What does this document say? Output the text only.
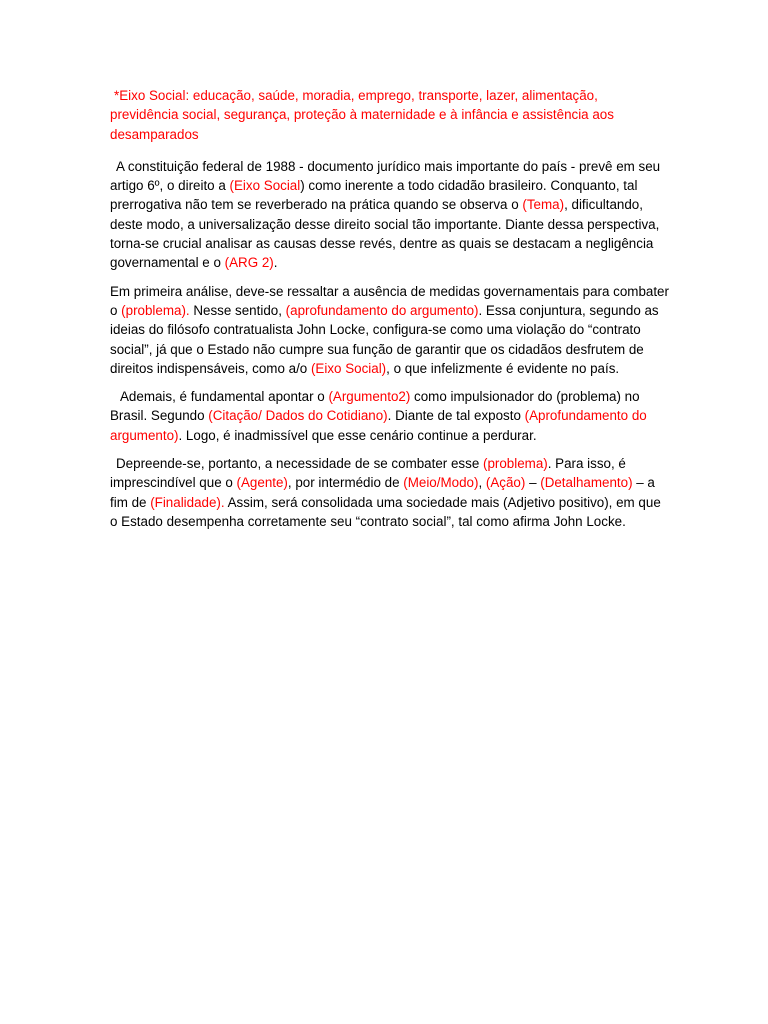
*Eixo Social: educação, saúde, moradia, emprego, transporte, lazer, alimentação, previdência social, segurança, proteção à maternidade e à infância e assistência aos desamparados

A constituição federal de 1988 - documento jurídico mais importante do país - prevê em seu artigo 6º, o direito a (Eixo Social) como inerente a todo cidadão brasileiro. Conquanto, tal prerrogativa não tem se reverberado na prática quando se observa o (Tema), dificultando, deste modo, a universalização desse direito social tão importante. Diante dessa perspectiva, torna-se crucial analisar as causas desse revés, dentre as quais se destacam a negligência governamental e o (ARG 2).

Em primeira análise, deve-se ressaltar a ausência de medidas governamentais para combater o (problema). Nesse sentido, (aprofundamento do argumento). Essa conjuntura, segundo as ideias do filósofo contratualista John Locke, configura-se como uma violação do “contrato social”, já que o Estado não cumpre sua função de garantir que os cidadãos desfrutem de direitos indispensáveis, como a/o (Eixo Social), o que infelizmente é evidente no país.

Ademais, é fundamental apontar o (Argumento2) como impulsionador do (problema) no Brasil. Segundo (Citação/ Dados do Cotidiano). Diante de tal exposto (Aprofundamento do argumento). Logo, é inadmissível que esse cenário continue a perdurar.

Depreende-se, portanto, a necessidade de se combater esse (problema). Para isso, é imprescindível que o (Agente), por intermédio de (Meio/Modo), (Ação) – (Detalhamento) – a fim de (Finalidade). Assim, será consolidada uma sociedade mais (Adjetivo positivo), em que o Estado desempenha corretamente seu “contrato social”, tal como afirma John Locke.
